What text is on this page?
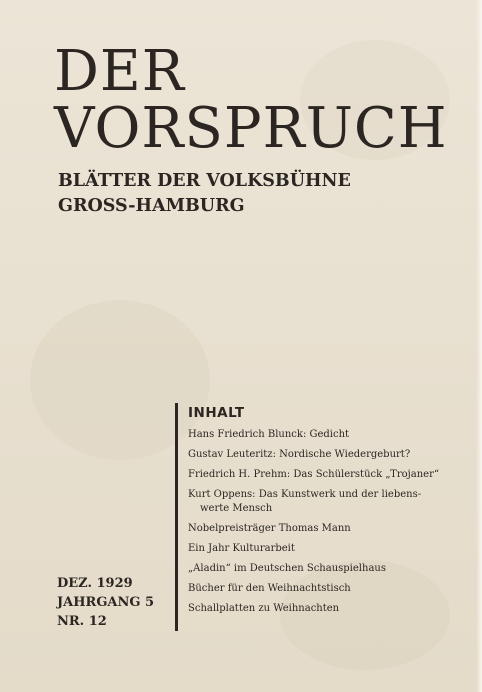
DER
VORSPRUCH
BLÄTTER DER VOLKSBÜHNE
GROSS-HAMBURG
DEZ. 1929
JAHRGANG 5
NR. 12
INHALT
Hans Friedrich Blunck: Gedicht
Gustav Leuteritz: Nordische Wiedergeburt?
Friedrich H. Prehm: Das Schülerstück „Trojaner“
Kurt Oppens: Das Kunstwerk und der liebens-
werte Mensch
Nobelpreisträger Thomas Mann
Ein Jahr Kulturarbeit
„Aladin“ im Deutschen Schauspielhaus
Bücher für den Weihnachtstisch
Schallplatten zu Weihnachten
